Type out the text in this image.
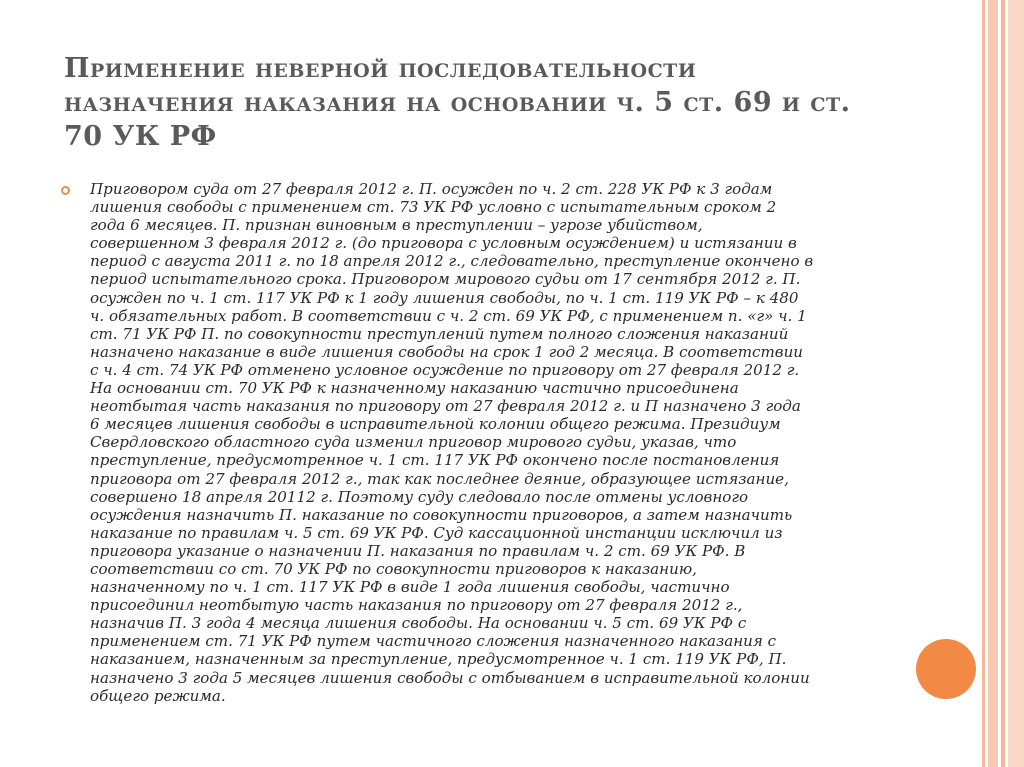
Применение неверной последовательности
назначения наказания на основании ч. 5 ст. 69 и ст.
70 УК РФ
Приговором суда от 27 февраля 2012 г. П. осужден по ч. 2 ст. 228 УК РФ к 3 годам
лишения свободы с применением ст. 73 УК РФ условно с испытательным сроком 2
года 6 месяцев. П. признан виновным в преступлении – угрозе убийством,
совершенном 3 февраля 2012 г. (до приговора с условным осуждением) и истязании в
период с августа 2011 г. по 18 апреля 2012 г., следовательно, преступление окончено в
период испытательного срока. Приговором мирового судьи от 17 сентября 2012 г. П.
осужден по ч. 1 ст. 117 УК РФ к 1 году лишения свободы, по ч. 1 ст. 119 УК РФ – к 480
ч. обязательных работ. В соответствии с ч. 2 ст. 69 УК РФ, с применением п. «г» ч. 1
ст. 71 УК РФ П. по совокупности преступлений путем полного сложения наказаний
назначено наказание в виде лишения свободы на срок 1 год 2 месяца. В соответствии
с ч. 4 ст. 74 УК РФ отменено условное осуждение по приговору от 27 февраля 2012 г.
На основании ст. 70 УК РФ к назначенному наказанию частично присоединена
неотбытая часть наказания по приговору от 27 февраля 2012 г. и П назначено 3 года
6 месяцев лишения свободы в исправительной колонии общего режима. Президиум
Свердловского областного суда изменил приговор мирового судьи, указав, что
преступление, предусмотренное ч. 1 ст. 117 УК РФ окончено после постановления
приговора от 27 февраля 2012 г., так как последнее деяние, образующее истязание,
совершено 18 апреля 20112 г. Поэтому суду следовало после отмены условного
осуждения назначить П. наказание по совокупности приговоров, а затем назначить
наказание по правилам ч. 5 ст. 69 УК РФ. Суд кассационной инстанции исключил из
приговора указание о назначении П. наказания по правилам ч. 2 ст. 69 УК РФ. В
соответствии со ст. 70 УК РФ по совокупности приговоров к наказанию,
назначенному по ч. 1 ст. 117 УК РФ в виде 1 года лишения свободы, частично
присоединил неотбытую часть наказания по приговору от 27 февраля 2012 г.,
назначив П. 3 года 4 месяца лишения свободы. На основании ч. 5 ст. 69 УК РФ с
применением ст. 71 УК РФ путем частичного сложения назначенного наказания с
наказанием, назначенным за преступление, предусмотренное ч. 1 ст. 119 УК РФ, П.
назначено 3 года 5 месяцев лишения свободы с отбыванием в исправительной колонии
общего режима.
